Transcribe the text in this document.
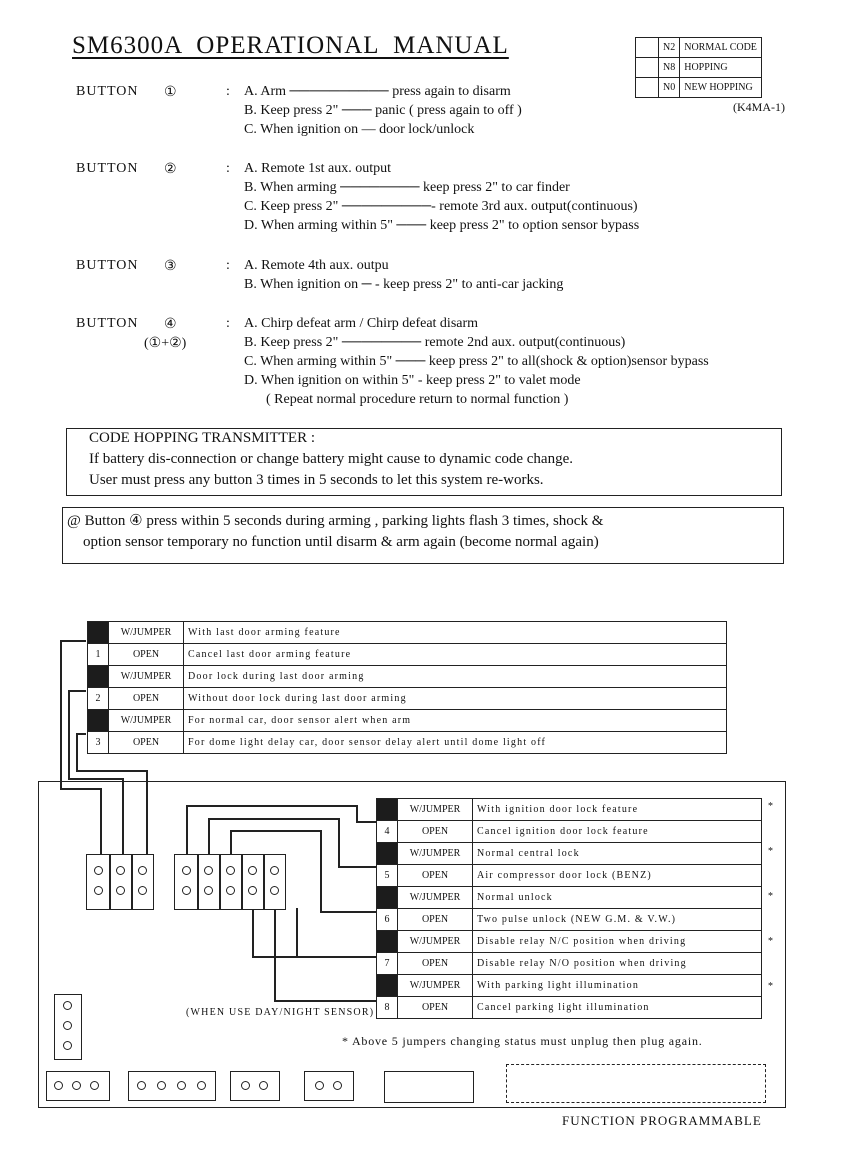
SM6300A  OPERATIONAL  MANUAL
		N2	NORMAL CODE
	N8	HOPPING
	N0	NEW HOPPING
(K4MA-1)
BUTTON ①	: A. Arm ────────── press again to disarm
B. Keep press 2" ─── panic ( press again to off )
C. When ignition on — door lock/unlock
BUTTON ②	: A. Remote 1st aux. output
B. When arming ──────── keep press 2" to car finder
C. Keep press 2" ─────────- remote 3rd aux. output(continuous)
D. When arming within 5" ─── keep press 2" to option sensor bypass
BUTTON ③	: A. Remote 4th aux. outpu
B. When ignition on ─ - keep press 2" to anti-car jacking
BUTTON ④
(①+②)
: A. Chirp defeat arm / Chirp defeat disarm
B. Keep press 2" ──────── remote 2nd aux. output(continuous)
C. When arming within 5" ─── keep press 2" to all(shock & option)sensor bypass
D. When ignition on within 5" - keep press 2" to valet mode
( Repeat normal procedure return to normal function )
CODE HOPPING TRANSMITTER :
If battery dis-connection or change battery might cause to dynamic code change.
User must press any button 3 times in 5 seconds to let this system re-works.
@ Button ④ press within 5 seconds during arming , parking lights flash 3 times, shock &
option sensor temporary no function until disarm & arm again (become normal again)
	W/JUMPER	With last door arming feature
1	OPEN	Cancel last door arming feature
	W/JUMPER	Door lock during last door arming
2	OPEN	Without door lock during last door arming
	W/JUMPER	For normal car, door sensor alert when arm
3	OPEN	For dome light delay car, door sensor delay alert until dome light off
	W/JUMPER	With ignition door lock feature
4	OPEN	Cancel ignition door lock feature
	W/JUMPER	Normal central lock
5	OPEN	Air compressor door lock (BENZ)
	W/JUMPER	Normal unlock
6	OPEN	Two pulse unlock (NEW G.M. & V.W.)
	W/JUMPER	Disable relay N/C position when driving
7	OPEN	Disable relay N/O position when driving
	W/JUMPER	With parking light illumination
8	OPEN	Cancel parking light illumination
*
*
*
*
*
(WHEN USE DAY/NIGHT SENSOR)
* Above 5 jumpers changing status must unplug then plug again.
FUNCTION PROGRAMMABLE
